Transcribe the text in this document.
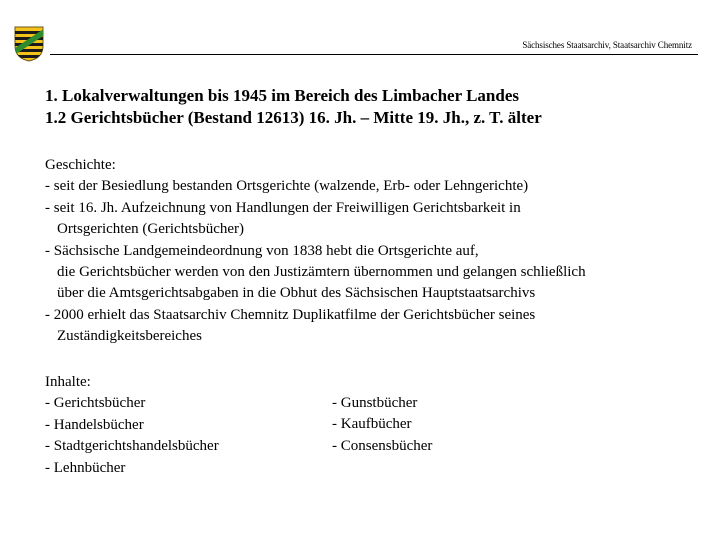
Sächsisches Staatsarchiv, Staatsarchiv Chemnitz
1. Lokalverwaltungen bis 1945 im Bereich des Limbacher Landes
1.2 Gerichtsbücher (Bestand 12613) 16. Jh. – Mitte 19. Jh., z. T. älter
Geschichte:
- seit der Besiedlung bestanden Ortsgerichte (walzende, Erb- oder Lehngerichte)
- seit 16. Jh. Aufzeichnung von Handlungen der Freiwilligen Gerichtsbarkeit in
Ortsgerichten (Gerichtsbücher)
- Sächsische Landgemeindeordnung von 1838 hebt die Ortsgerichte auf,
die Gerichtsbücher werden von den Justizämtern übernommen und gelangen schließlich
über die Amtsgerichtsabgaben in die Obhut des Sächsischen Hauptstaatsarchivs
- 2000 erhielt das Staatsarchiv Chemnitz Duplikatfilme der Gerichtsbücher seines
Zuständigkeitsbereiches
Inhalte:
- Gerichtsbücher
- Handelsbücher
- Stadtgerichtshandelsbücher
- Lehnbücher
- Gunstbücher
- Kaufbücher
- Consensbücher
